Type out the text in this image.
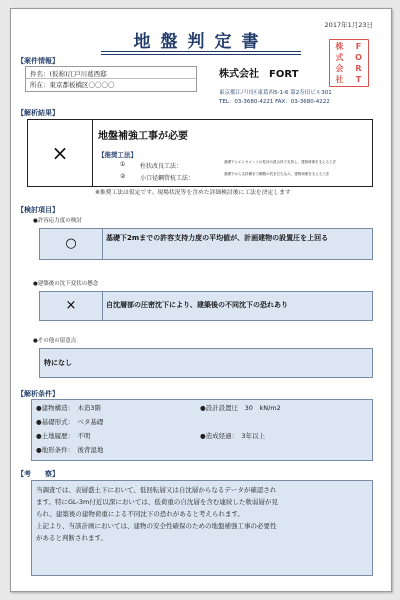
2017年1月23日
地盤判定書
【案件情報】
件名：(仮称)江戸川葛西邸
所在：東京都板橋区〇〇〇〇
株式会社　FORT
東京都江戸川区東葛西5-1-6 第2寿田ビル301
TEL：03-3680-4221 FAX：03-3680-4222
株	F
式	O
会	R
社	T
【解析結果】
×
地盤補強工事が必要
【推奨工法】
① 柱状改良工法：
基礎下にエとセメントの柱状の混合体で支持し、建物荷重を支える工法
② 小口径鋼管杭工法：
基礎下から支持層まで鋼製の杭を打ち込み、建物荷重を支える工法
※推奨工法は仮定です。現場状況等を含めた詳細検討後に工法を決定します
【検討項目】
●許容応力度の検討
○	基礎下2mまでの許容支持力度の平均値が、計画建物の設置圧を上回る
●建築後の沈下変状の懸念
×	自沈層部の圧密沈下により、建築後の不同沈下の恐れあり
●その他の留意点
特になし
【解析条件】
●建物構造：　木造3階	●設計設置圧　30　kN/m2
●基礎形式：　ベタ基礎
●土地履歴：　不明	●造成経過：　3年以上
●地形条件：　後背湿地
【考　　察】
当調査では、表層盛土下において、低回転層又は自沈層からなるデータが確認され
ます。特にGL-3m付近以深においては、低荷重の自沈層を含む連続した軟弱層が見
られ、建築後の建物荷重による不同沈下の恐れがあると考えられます。
上記より、当該計画においては、建物の安全性確保のための地盤補強工事の必要性
があると判断されます。
